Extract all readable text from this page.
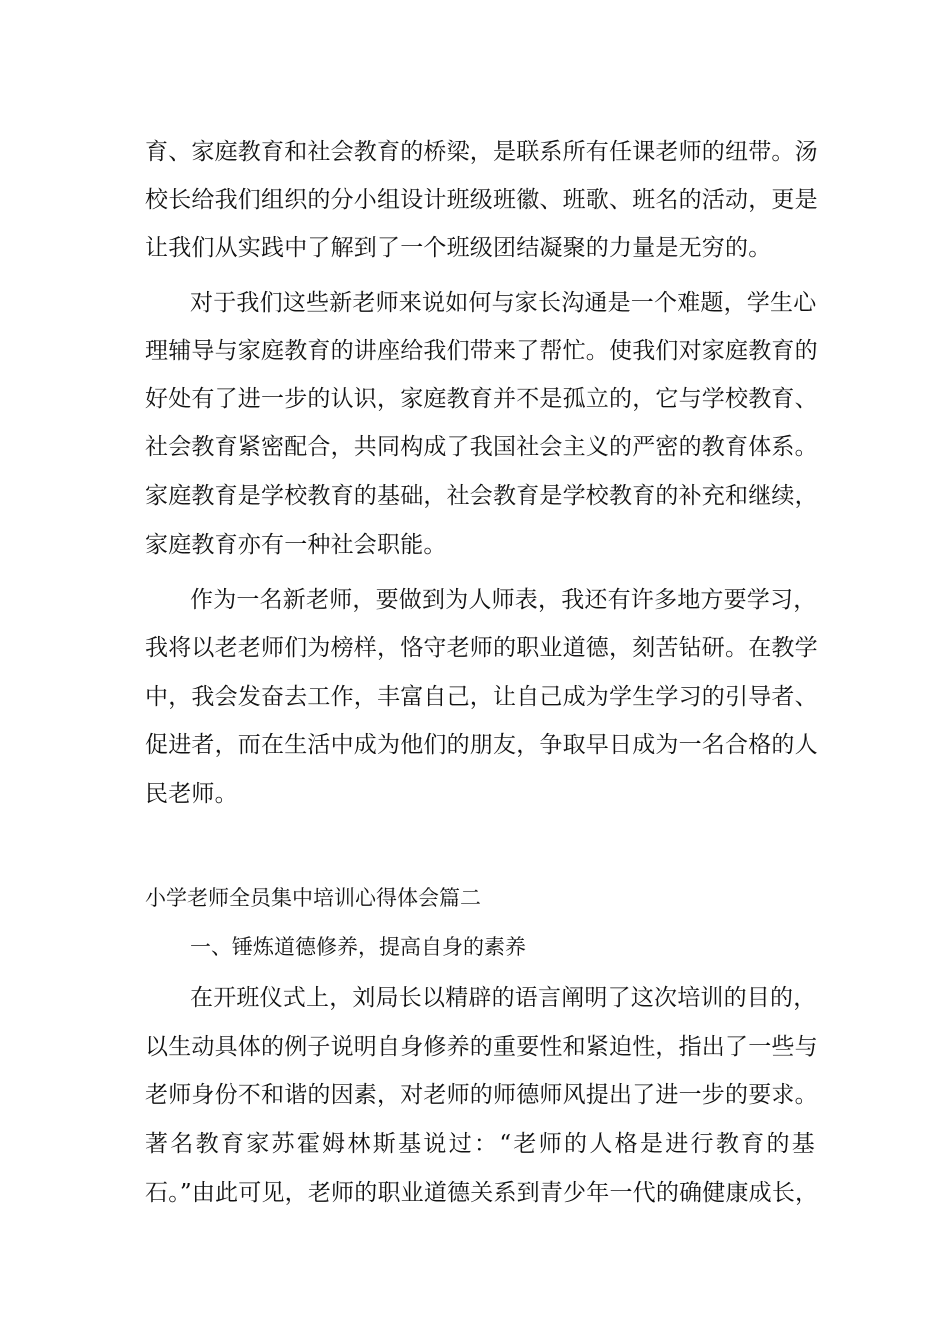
育、家庭教育和社会教育的桥梁，是联系所有任课老师的纽带。汤
校长给我们组织的分小组设计班级班徽、班歌、班名的活动，更是
让我们从实践中了解到了一个班级团结凝聚的力量是无穷的。
对于我们这些新老师来说如何与家长沟通是一个难题，学生心
理辅导与家庭教育的讲座给我们带来了帮忙。使我们对家庭教育的
好处有了进一步的认识，家庭教育并不是孤立的，它与学校教育、
社会教育紧密配合，共同构成了我国社会主义的严密的教育体系。
家庭教育是学校教育的基础，社会教育是学校教育的补充和继续，
家庭教育亦有一种社会职能。
作为一名新老师，要做到为人师表，我还有许多地方要学习，
我将以老老师们为榜样，恪守老师的职业道德，刻苦钻研。在教学
中，我会发奋去工作，丰富自己，让自己成为学生学习的引导者、
促进者，而在生活中成为他们的朋友，争取早日成为一名合格的人
民老师。
小学老师全员集中培训心得体会篇二
一、锤炼道德修养，提高自身的素养
在开班仪式上，刘局长以精辟的语言阐明了这次培训的目的，
以生动具体的例子说明自身修养的重要性和紧迫性，指出了一些与
老师身份不和谐的因素，对老师的师德师风提出了进一步的要求。
著名教育家苏霍姆林斯基说过：“老师的人格是进行教育的基
石。”由此可见，老师的职业道德关系到青少年一代的确健康成长，
